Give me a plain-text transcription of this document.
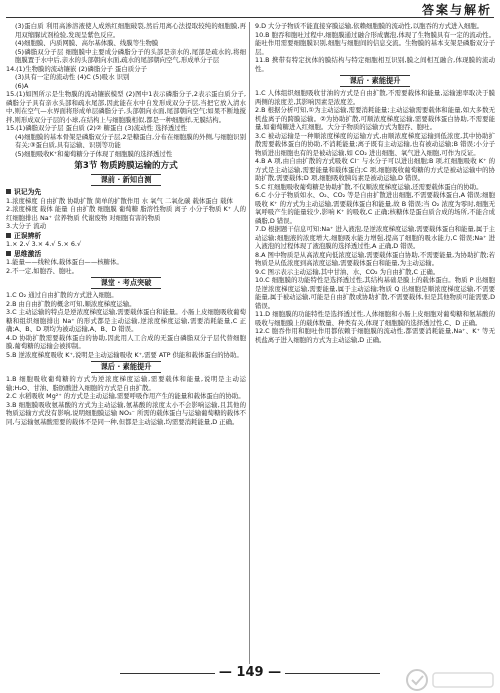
答案与解析

(3)蛋白质 利用高渗溶液使人成熟红细胞破裂,然后用离心法提取较纯的细胞膜,再用双缩脲试剂检验,发现呈紫色反应。

(4)细胞膜、内质网膜、高尔基体膜、线膜等生物膜

(5)磷脂双分子层 细胞膜中主要成分磷脂分子的头部是亲水的,尾部是疏水的,将细胞膜置于水中后,亲水的头部朝向水面,疏水的尾部朝向空气,形成单分子层

14.(1)生物膜的流动镶嵌 (2)磷脂分子 蛋白质分子

(3)具有一定的流动性 (4)C (5)吸水 识别

(6)A

15.(1)如图所示是生物膜的流动镶嵌模型 (2)图中1表示磷脂分子,2表示蛋白质分子,磷脂分子具有亲水头部和疏水尾部,因此能在水中自发形成双分子层,当把它放入清水中,则在空气—水界面将形成单层磷脂分子,头部朝向水面,尾部朝向空气;如果不断地搅拌,则形成双分子层的小球,在结构上与细胞膜相似,都是一种细胞样,无膜结构。

15.(1)磷脂双分子层 蛋白质 (2)② 糖蛋白 (3)流动性 选择透过性

(4)细胞膜的基本骨架是磷脂双分子层,2是糖蛋白,分布在细胞膜的外侧,与细胞识别有关;③蛋白质,具有运输、识别等功能

(5)细胞吸收K⁺和葡萄糖分子体现了细胞膜的选择透过性

第3节 物质跨膜运输的方式

课前 · 新知自测

识记为先

1.浓度梯度 自由扩散 协助扩散 简单的扩散作用 水 氧气 二氧化碳 载体蛋白 载体

2.浓度梯度 载体 能量 自由扩散 细胞膜 葡萄糖 脂溶性物质 离子 小分子物质 K⁺ 人的红细胞排出 Na⁺ 营养物质 代谢废物 对细胞有害的物质

3.大分子 流动

正误辨析

1.× 2.√ 3.× 4.√ 5.× 6.√

思维激活

1.能量——线粒体,载体蛋白——核糖体。

2.不一定,如胞吞、胞吐。

课堂 · 考点突破

1.C O₂ 通过自由扩散的方式进入细胞。

2.B 由自由扩散的概念可知,顺浓度梯度运输。

3.C 主动运输的特点是逆浓度梯度运输,需要载体蛋白和能量。小肠上皮细胞吸收葡萄糖和组织细胞排出 Na⁺ 的形式都是主动运输,逆浓度梯度运输,需要消耗能量,C 正确;A、B、D 项均为被动运输,A、B、D 错误。

4.D 协助扩散需要载体蛋白的协助,因此用人工合成的无蛋白磷脂双分子层代替细胞膜,葡萄糖的运输会被抑制。

5.B 逆浓度梯度吸收 K⁺,说明是主动运输吸收 K⁺,需要 ATP 供能和载体蛋白的协助。

课后 · 素能提升

1.B 细胞吸收葡萄糖的方式为逆浓度梯度运输,需要载体和能量,说明是主动运输;H₂O、甘油、脂肪酸进入细胞的方式是自由扩散。

2.C 水稻吸收 Mg²⁺ 的方式是主动运输,需要呼吸作用产生的能量和载体蛋白的协助。

3.B 细胞膜吸收氨基酸的方式为主动运输,氨基酸的浓度太小不会影响运输,且其他的物质运输方式没有影响,说明细胞膜运输 NO₃⁻ 所需的载体蛋白与运输葡萄糖的载体不同,与运输氨基酸需要的载体不是同一种,但都是主动运输,均需要消耗能量,D 正确。

9.D 大分子物质不能直接穿膜运输,依赖细胞膜的流动性,以胞吞的方式进入细胞。

10.B 胞吞和胞吐过程中,细胞膜通过融合形成囊泡,体现了生物膜具有一定的流动性。能吐作用需要细胞膜识别,细胞与细胞间的信息交流。生物膜的基本支架是磷脂双分子层。

11.B 携带有特定抗体的膜结构与特定细胞相互识别,膜之间相互融合,体现膜的流动性。

课后 · 素能提升

1.C 人体组织细胞吸收甘油的方式是自由扩散,不需要载体和能量,运输速率取决于膜两侧的浓度差,其影响因素是浓度差。

2.B 根据分析可知,①为主动运输,需要消耗能量;主动运输需要载体和能量,如大多数无机盐离子的跨膜运输。②为协助扩散,可顺浓度梯度运输,需要载体蛋白协助,不需要能量,如葡萄糖进入红细胞。大分子物质的运输方式为胞吞、胞吐。

3.C 被动运输是一种顺浓度梯度的运输方式,由顺浓度梯度运输到低浓度,其中协助扩散需要载体蛋白的协助,不消耗能量;离子既有主动运输,也有被动运输;B 错误;小分子物质进出细胞也有的是被动运输,如 CO₂ 进出细胞、氧气进入细胞,可作为反证。

4.B A 项,由自由扩散的方式吸收 Cl⁻ 与水分子可以进出细胞;B 项,红细胞吸收 K⁺ 的方式是主动运输,需要能量和载体蛋白;C 项,细胞吸收葡萄糖的方式是被动运输中的协助扩散,需要载体;D 项,细胞吸收胰岛素是被动运输,D 错误。

5.C 红细胞吸收葡萄糖是协助扩散,不仅顺浓度梯度运输,还需要载体蛋白的协助。

6.C 小分子物质如水、O₂、CO₂ 等是自由扩散进出细胞,不需要载体蛋白,A 错误;细胞吸收 K⁺ 的方式为主动运输,需要载体蛋白和能量,故 B 错误;当 O₂ 浓度为零时,细胞无氧呼吸产生的能量较少,影响 K⁺ 的吸收,C 正确;核糖体是蛋白质合成的场所,不能合成磷脂,D 错误。

7.D 根据题干信息可知:Na⁺ 进入液泡,是逆浓度梯度运输,需要载体蛋白和能量,属于主动运输;细胞液的浓度增大,细胞吸水能力增强,提高了细胞的吸水能力,C 错误;Na⁺ 进入液泡的过程体现了液泡膜的选择透过性,A 正确,D 错误。

8.A 图中物质是从高浓度向低浓度运输,需要载体蛋白协助,不需要能量,为协助扩散;若物质是从低浓度到高浓度运输,需要载体蛋白和能量,为主动运输。

9.C 图示表示主动运输,其中甘油、水、CO₂ 为自由扩散,C 正确。

10.C 细胞膜的功能特性是选择透过性,其结构基础是膜上的载体蛋白。物质 P 出细胞是逆浓度梯度运输,需要能量,属于主动运输;物质 Q 出细胞是顺浓度梯度运输,不需要能量,属于被动运输,可能是自由扩散或协助扩散,不需要载体,但是其他物质可能需要,D 错误。

11.D 细胞膜的功能特性是选择透过性,人体细胞和小肠上皮细胞对葡萄糖和氨基酸的吸收与细胞膜上的载体数量、种类有关,体现了细胞膜的选择透过性,C、D 正确。

12.C 胞吞作用和胞吐作用都依赖于细胞膜的流动性,都需要消耗能量,Na⁺、K⁺ 等无机盐离子进入细胞的方式为主动运输,D 正确。

— 149 —
